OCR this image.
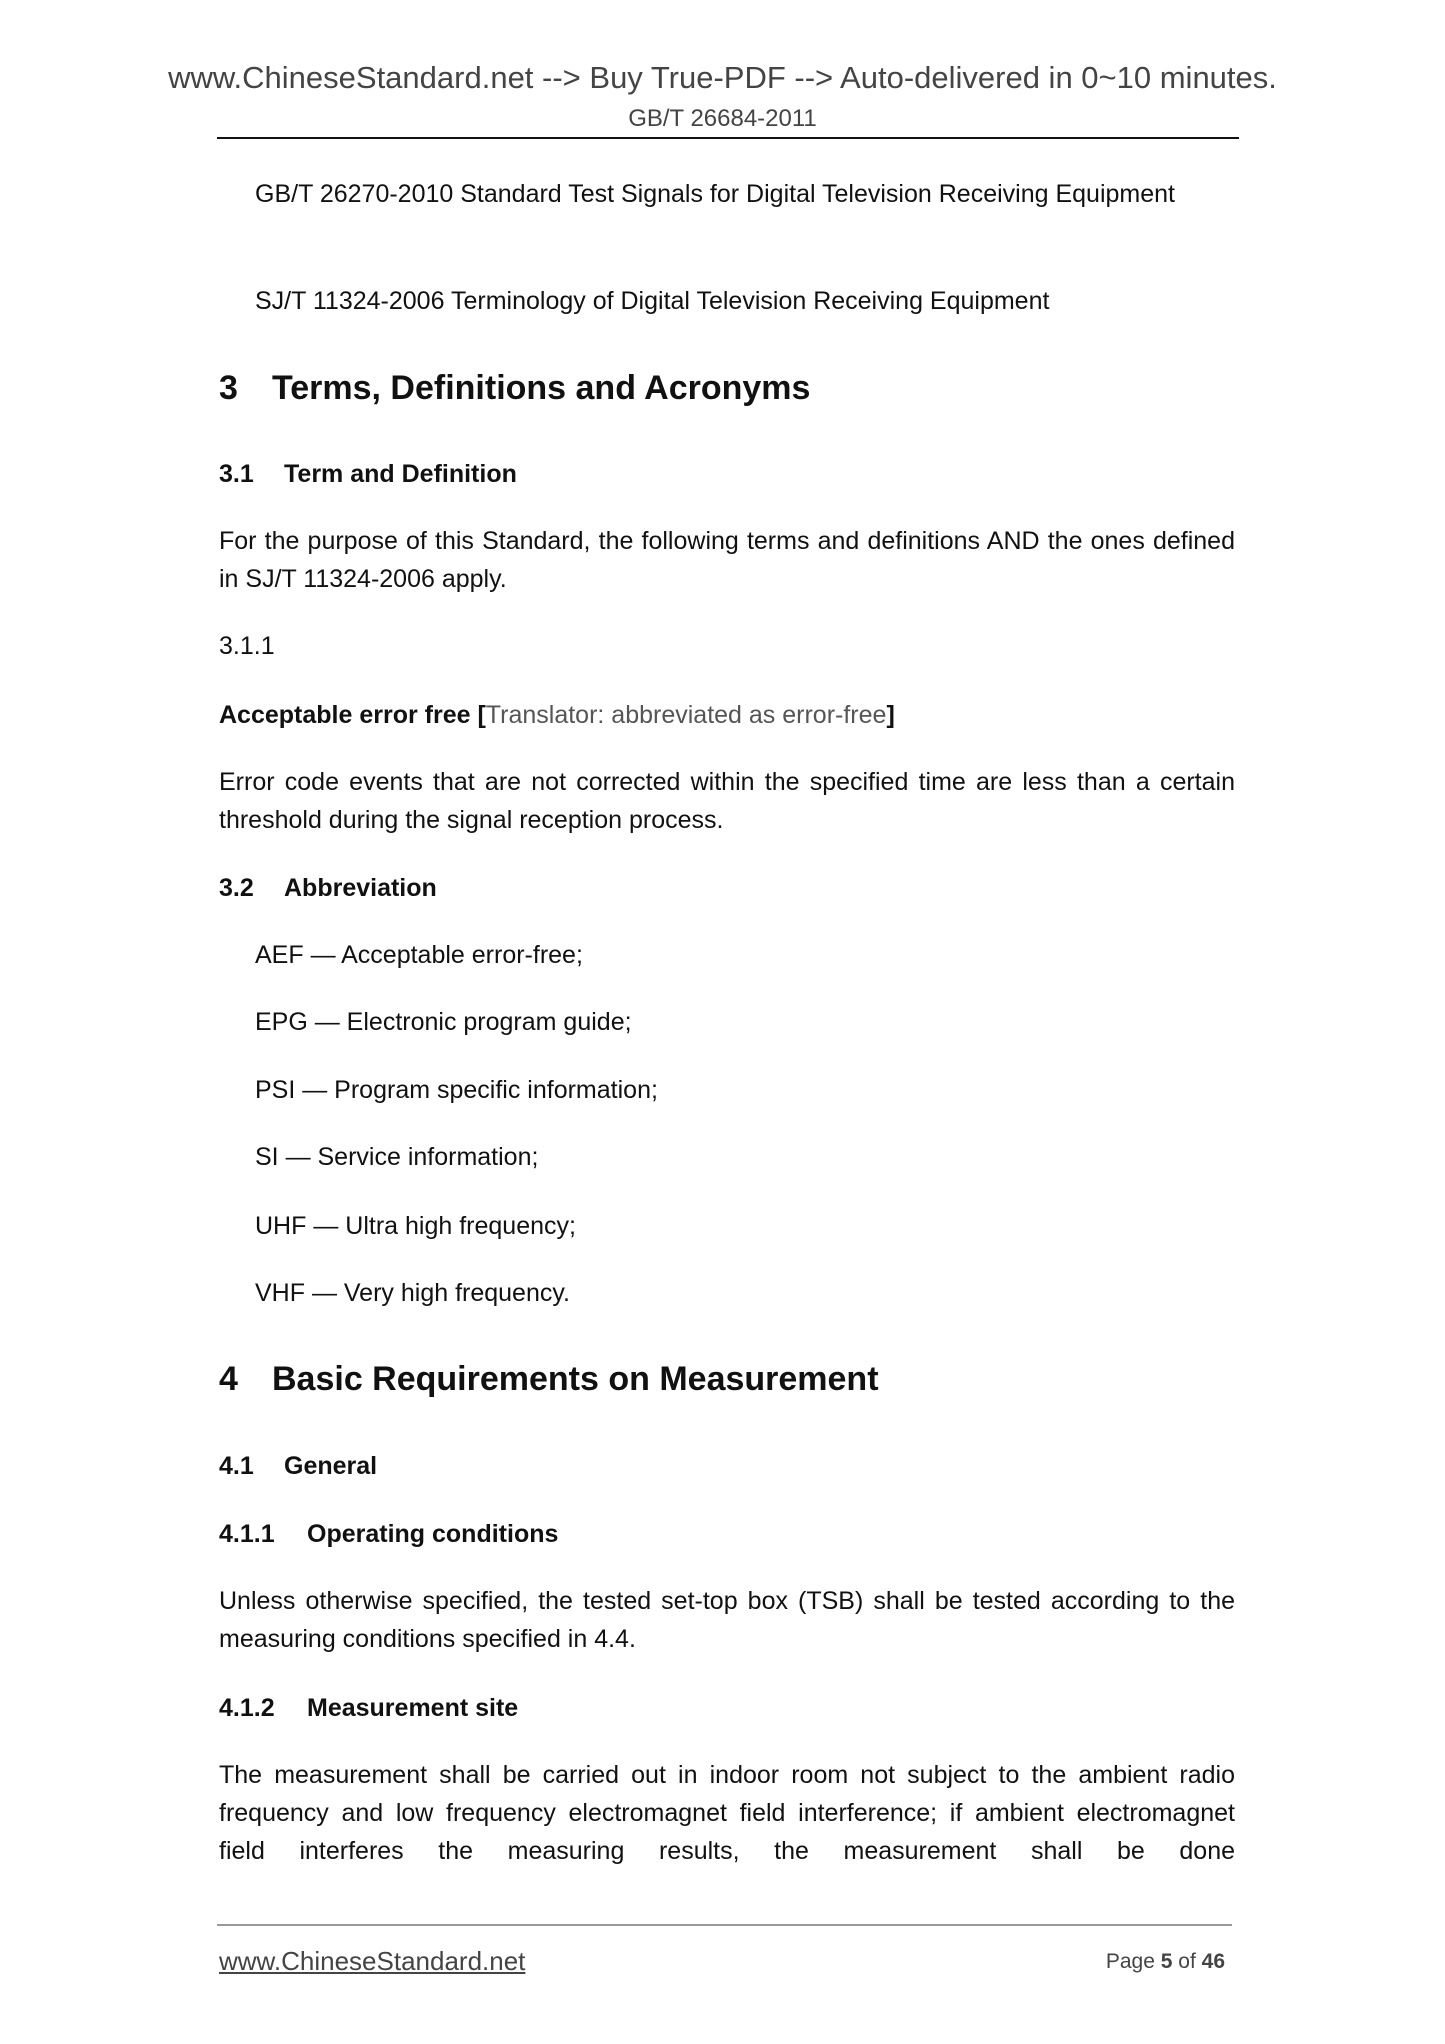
www.ChineseStandard.net --> Buy True-PDF --> Auto-delivered in 0~10 minutes.
GB/T 26684-2011
GB/T 26270-2010 Standard Test Signals for Digital Television Receiving Equipment
SJ/T 11324-2006 Terminology of Digital Television Receiving Equipment
3 Terms, Definitions and Acronyms
3.1 Term and Definition
For the purpose of this Standard, the following terms and definitions AND the ones defined in SJ/T 11324-2006 apply.
3.1.1
Acceptable error free [Translator: abbreviated as error-free]
Error code events that are not corrected within the specified time are less than a certain threshold during the signal reception process.
3.2 Abbreviation
AEF — Acceptable error-free;
EPG — Electronic program guide;
PSI — Program specific information;
SI — Service information;
UHF — Ultra high frequency;
VHF — Very high frequency.
4 Basic Requirements on Measurement
4.1 General
4.1.1 Operating conditions
Unless otherwise specified, the tested set-top box (TSB) shall be tested according to the measuring conditions specified in 4.4.
4.1.2 Measurement site
The measurement shall be carried out in indoor room not subject to the ambient radio frequency and low frequency electromagnet field interference; if ambient electromagnet field interferes the measuring results, the measurement shall be done
www.ChineseStandard.net	Page 5 of 46
